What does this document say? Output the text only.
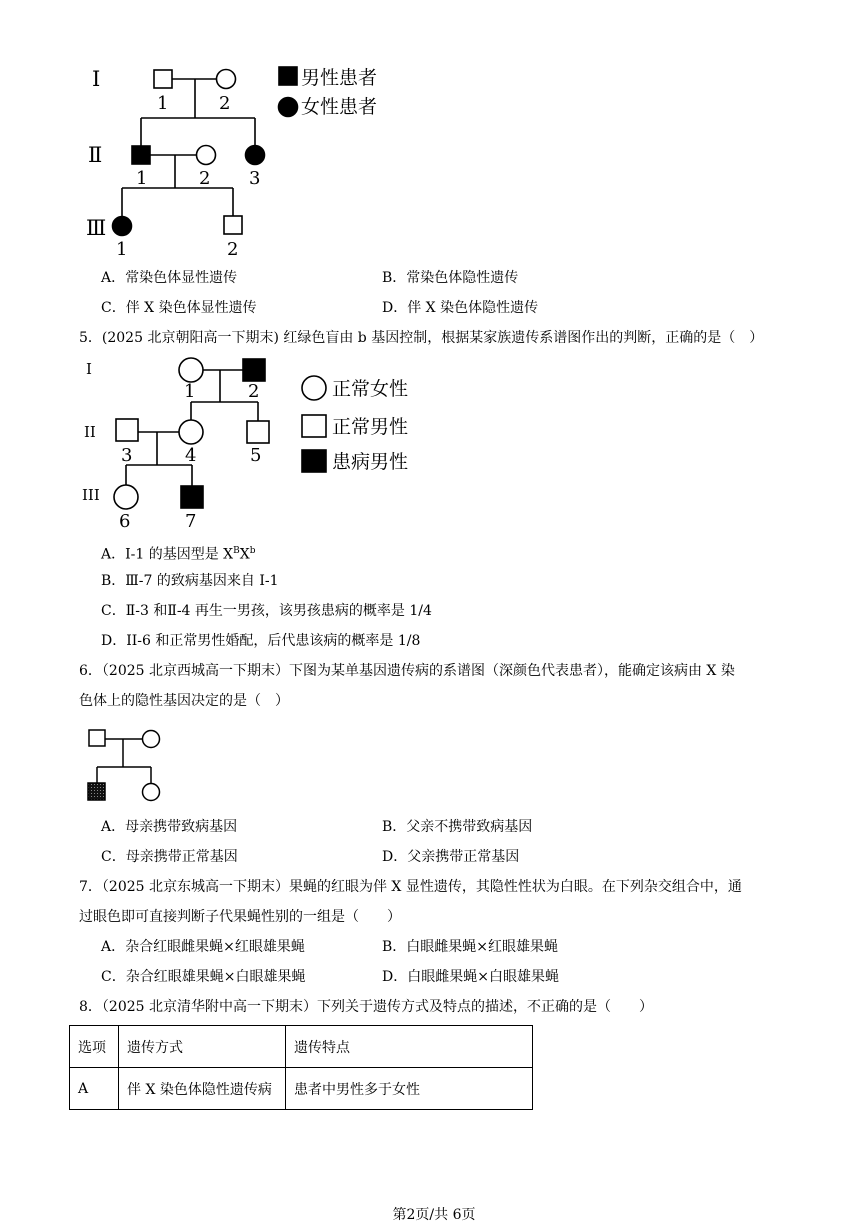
I
Ⅱ
Ⅲ
1	2
1	2 3
1	2
男性患者
女性患者
A．常染色体显性遗传	B．常染色体隐性遗传
C．伴 X 染色体显性遗传	D．伴 X 染色体隐性遗传
5．(2025 北京朝阳高一下期末) 红绿色盲由 b 基因控制，根据某家族遗传系谱图作出的判断，正确的是（　）
I
II
III
1	2
3	4	5
6	7
正常女性
正常男性
患病男性
A．I-1 的基因型是 $X^BX^b$
B．Ⅲ-7 的致病基因来自 I-1
C．Ⅱ-3 和Ⅱ-4 再生一男孩，该男孩患病的概率是 1/4
D．II-6 和正常男性婚配，后代患该病的概率是 1/8
6．（2025 北京西城高一下期末）下图为某单基因遗传病的系谱图（深颜色代表患者），能确定该病由 X 染
色体上的隐性基因决定的是（　）
A．母亲携带致病基因	B．父亲不携带致病基因
C．母亲携带正常基因	D．父亲携带正常基因
7．（2025 北京东城高一下期末）果蝇的红眼为伴 X 显性遗传，其隐性性状为白眼。在下列杂交组合中，通
过眼色即可直接判断子代果蝇性别的一组是（　　）
A．杂合红眼雌果蝇×红眼雄果蝇	B．白眼雌果蝇×红眼雄果蝇
C．杂合红眼雄果蝇×白眼雄果蝇	D．白眼雌果蝇×白眼雄果蝇
8．（2025 北京清华附中高一下期末）下列关于遗传方式及特点的描述，不正确的是（　　）
选项	遗传方式	遗传特点
A	伴 X 染色体隐性遗传病	患者中男性多于女性
第2页/共 6页
